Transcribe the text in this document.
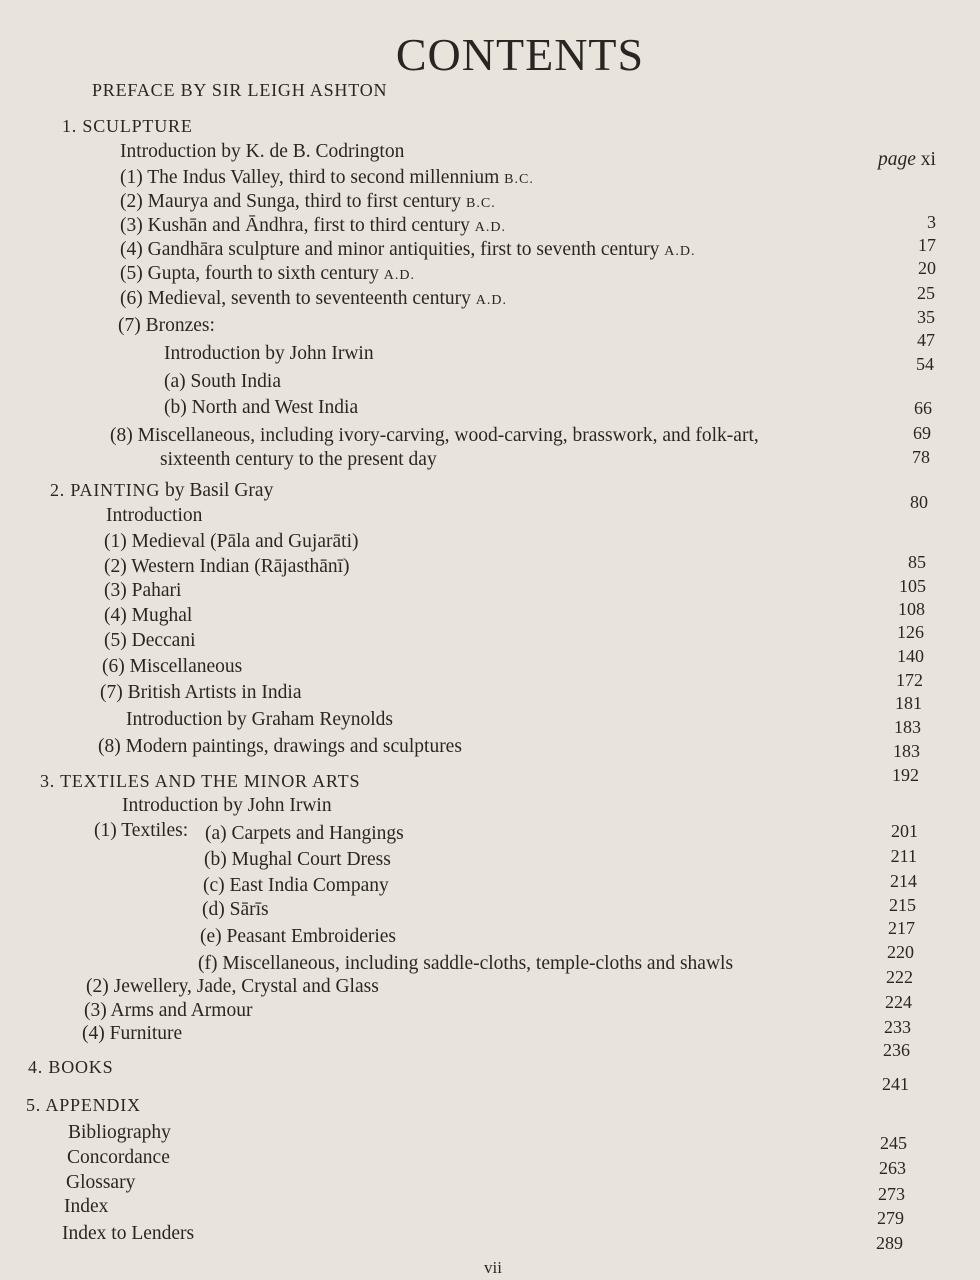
CONTENTS
PREFACE BY SIR LEIGH ASHTON
1. SCULPTURE
Introduction by K. de B. Codrington	page xi
(1) The Indus Valley, third to second millennium B.C.
(2) Maurya and Sunga, third to first century B.C.
(3) Kushān and Āndhra, first to third century A.D.
(4) Gandhāra sculpture and minor antiquities, first to seventh century A.D.
(5) Gupta, fourth to sixth century A.D.
(6) Medieval, seventh to seventeenth century A.D.
(7) Bronzes:
Introduction by John Irwin
(a) South India
(b) North and West India
(8) Miscellaneous, including ivory-carving, wood-carving, brasswork, and folk-art,
sixteenth century to the present day
2. PAINTING by Basil Gray
Introduction
(1) Medieval (Pāla and Gujarāti)
(2) Western Indian (Rājasthānī)
(3) Pahari
(4) Mughal
(5) Deccani
(6) Miscellaneous
(7) British Artists in India
Introduction by Graham Reynolds
(8) Modern paintings, drawings and sculptures
3. TEXTILES AND THE MINOR ARTS
Introduction by John Irwin
(1) Textiles: (a) Carpets and Hangings
(b) Mughal Court Dress
(c) East India Company
(d) Sārīs
(e) Peasant Embroideries
(f) Miscellaneous, including saddle-cloths, temple-cloths and shawls
(2) Jewellery, Jade, Crystal and Glass
(3) Arms and Armour
(4) Furniture
4. BOOKS
5. APPENDIX
Bibliography
Concordance
Glossary
Index
Index to Lenders
3
17
20
25
35
47
54
66
69
78
80
85
105
108
126
140
172
181
183
183
192
201
211
214
215
217
220
222
224
233
236
241
245
263
273
279
289
vii
